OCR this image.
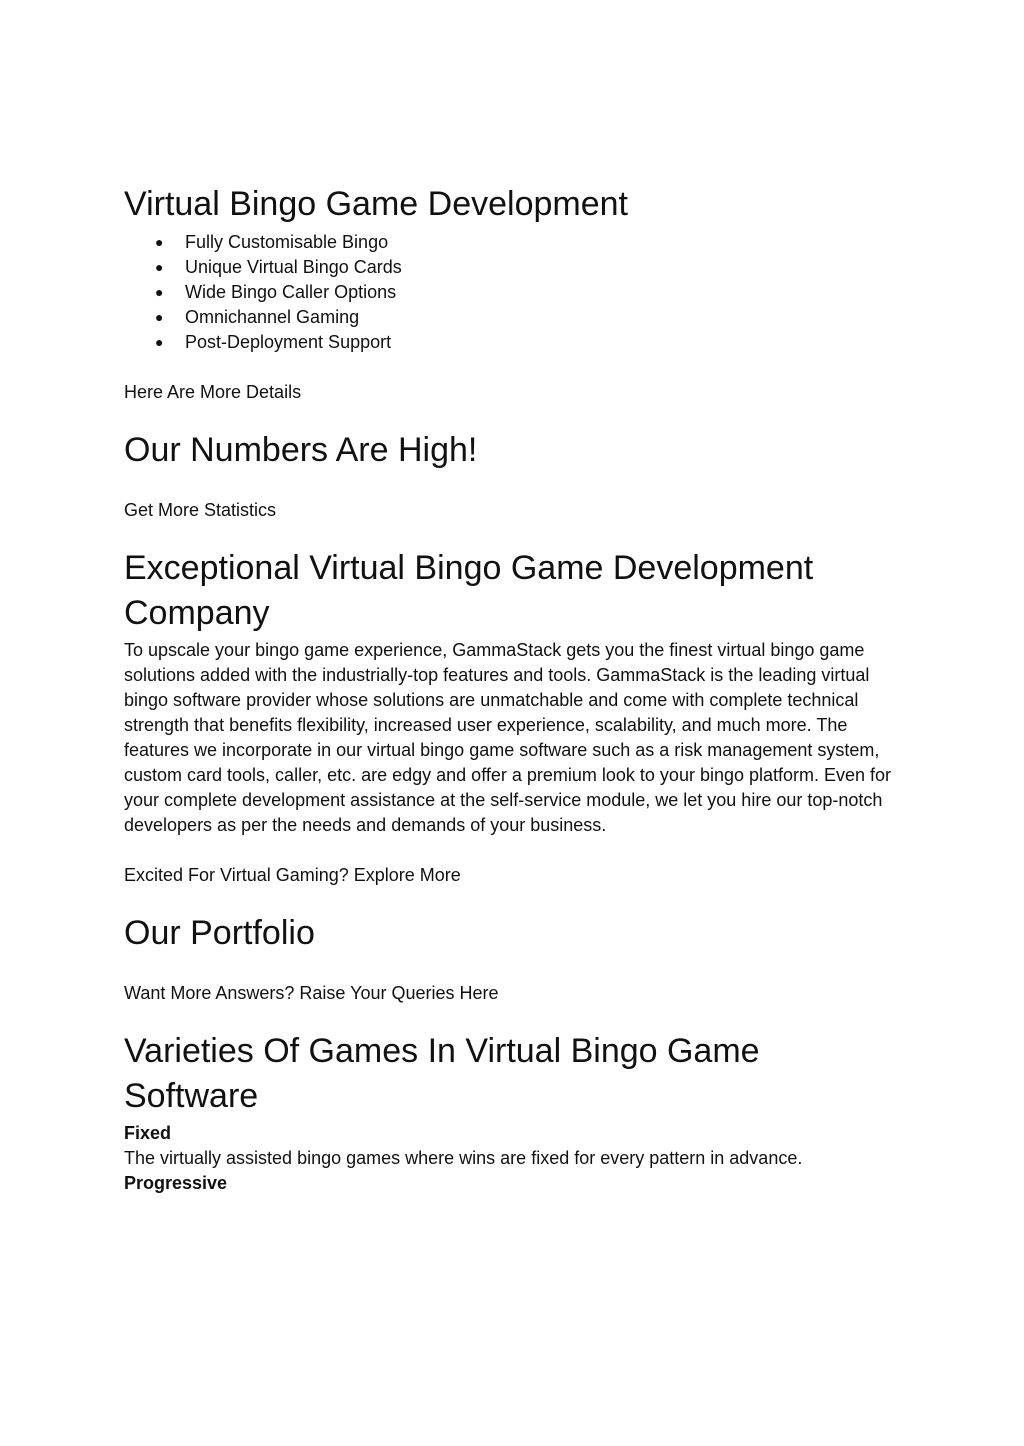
Virtual Bingo Game Development
● Fully Customisable Bingo
● Unique Virtual Bingo Cards
● Wide Bingo Caller Options
● Omnichannel Gaming
● Post-Deployment Support

Here Are More Details

Our Numbers Are High!

Get More Statistics

Exceptional Virtual Bingo Game Development Company

To upscale your bingo game experience, GammaStack gets you the finest virtual bingo game solutions added with the industrially-top features and tools. GammaStack is the leading virtual bingo software provider whose solutions are unmatchable and come with complete technical strength that benefits flexibility, increased user experience, scalability, and much more. The features we incorporate in our virtual bingo game software such as a risk management system, custom card tools, caller, etc. are edgy and offer a premium look to your bingo platform. Even for your complete development assistance at the self-service module, we let you hire our top-notch developers as per the needs and demands of your business.

Excited For Virtual Gaming? Explore More

Our Portfolio

Want More Answers? Raise Your Queries Here

Varieties Of Games In Virtual Bingo Game Software

Fixed

The virtually assisted bingo games where wins are fixed for every pattern in advance.

Progressive
